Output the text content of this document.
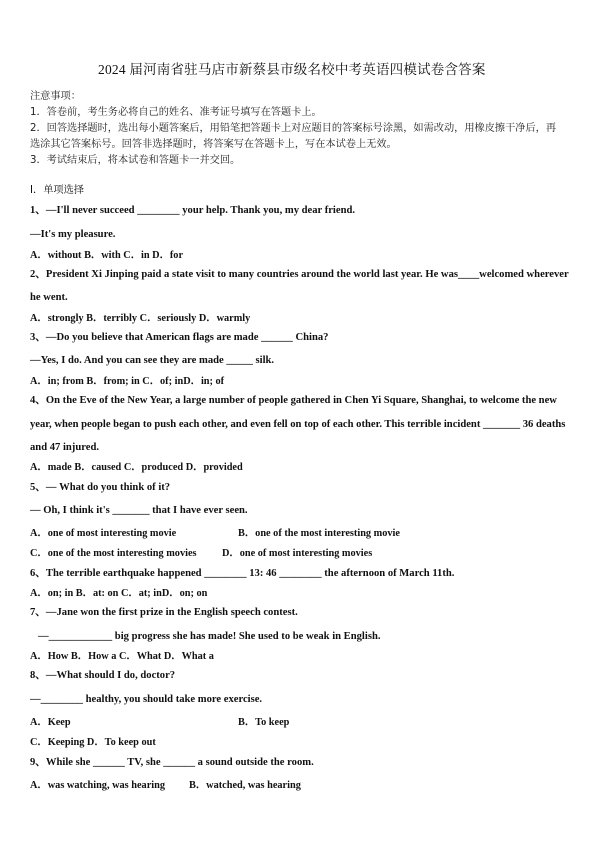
2024 届河南省驻马店市新蔡县市级名校中考英语四模试卷含答案
注意事项：
1．答卷前，考生务必将自己的姓名、准考证号填写在答题卡上。
2．回答选择题时，选出每小题答案后，用铅笔把答题卡上对应题目的答案标号涂黑，如需改动，用橡皮擦干净后，再
选涂其它答案标号。回答非选择题时，将答案写在答题卡上，写在本试卷上无效。
3．考试结束后，将本试卷和答题卡一并交回。
Ⅰ．单项选择
1、—I'll never succeed ________ your help. Thank you, my dear friend.
—It's my pleasure.
A．without B．with C．in D．for
2、President Xi Jinping paid a state visit to many countries around the world last year. He was____welcomed wherever
he went.
A．strongly B．terribly C．seriously D．warmly
3、—Do you believe that American flags are made ______ China?
—Yes, I do. And you can see they are made _____ silk.
A．in; from B．from; in C．of; inD．in; of
4、On the Eve of the New Year, a large number of people gathered in Chen Yi Square, Shanghai, to welcome the new
year, when people began to push each other, and even fell on top of each other. This terrible incident _______ 36 deaths
and 47 injured.
A．made B．caused C．produced D．provided
5、— What do you think of it?
— Oh, I think it's _______ that I have ever seen.
A．one of most interesting movie	B．one of the most interesting movie
C．one of the most interesting movies D．one of most interesting movies
6、The terrible earthquake happened ________ 13: 46 ________ the afternoon of March 11th.
A．on; in B．at: on C．at; inD．on; on
7、—Jane won the first prize in the English speech contest.
—____________ big progress she has made! She used to be weak in English.
A．How B．How a C．What D．What a
8、—What should I do, doctor?
—________ healthy, you should take more exercise.
A．Keep	B．To keep
C．Keeping D．To keep out
9、While she ______ TV, she ______ a sound outside the room.
A．was watching, was hearing B．watched, was hearing
